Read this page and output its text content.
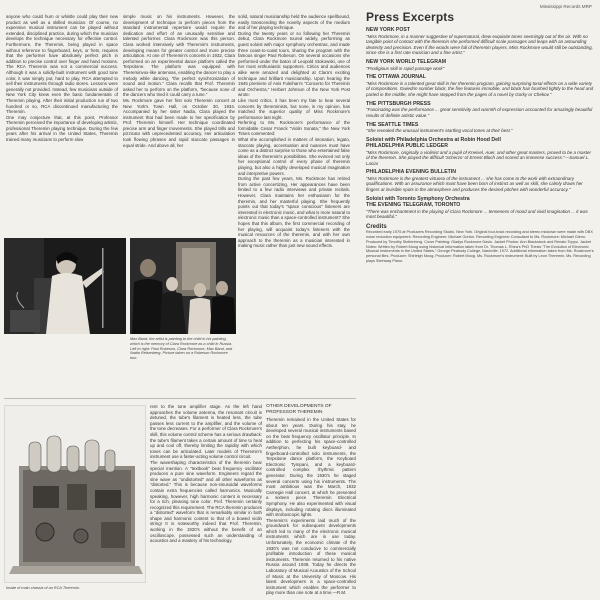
Mississippi Records MRP

anyone who could hum or whistle could play their new product as well as a skilled musician. Of course, no expensive musical instrument can be played without extended, disciplined practice, during which the musician develops the technique necessary for effective control. Furthermore, the Theremin, being played in space without reference to fingerboard, keys, or frets, requires that the performer have absolutely perfect pitch in addition to precise control over finger and hand motions. The RCA Theremin was not a commercial success. Although it was a solidly-built instrument with good tone color, it was simply put, hard to play. RCA attempted to sell their instruments through radio stores. Lessons were generally not provided. Instead, few musicians outside of New York City knew even the basic fundamentals of Theremin playing. After their initial production run of two hundred or so, RCA discontinued manufacturing the Theremin.
One may conjecture that, at this point, Professor Theremin perceived the importance of developing artistic, professional Theremin playing technique. During the few years after his arrival in the United States, Theremin trained many musicians to perform slow

simple music on his instruments. However, the development of technique to perform pieces from the standard instrumental repertoire would require the dedication and effort of an unusually sensitive and talented performer. Clara Rockmore was this person. Clara worked intensively with Theremin's instruments, developing means for greater control and more precise articulation. At one of Theremin's concerts in 1932, Clara performed on an experimental dance platform called the Terpsitone. The platform was equipped with Thereminvox-like antennas, enabling the dancer to play a melody while dancing, "the perfect synchronization of sound and motion." Clara recalls that Prof. Theremin asked her to perform on the platform, "because none of the dancers who tried it could carry a tune."
Ms. Rockmore gave her first solo Theremin concert at New York's Town Hall, on October 30, 1934. Accompanied by her sister Nadia, Clara played the instrument that had been made to her specification by Prof. Theremin himself. Her technique coordinated precise arm and finger movements. She played trills and pizzicato with unprecedented accuracy. Her articulation took flowing phrases and rapid staccato passages in equal stride. And above all, her

solid, natural musicianship held the audience spellbound, easily transcending the novelty aspects of the medium and of her playing technique.
During the twenty years or so following her Theremin debut, Clara Rockmore toured widely, performing as guest soloist with major symphony orchestras, and made three coast-to-coast tours, sharing the program with the famous singer Paul Robeson. On several occasions she performed under the baton of Leopold Stokowski, one of her most enthusiastic supporters. Critics and audiences alike were amazed and delighted at Clara's exciting technique and brilliant musicianship. Upon hearing the 1945 premiere of Anis Fuleihan's "Concerto for Theremin and Orchestra," Herbert Johnson of the New York Post wrote:
Like most critics, it has been my fate to hear several concerts by thereminists, but none, in my opinion, has matched the superior quality of Miss Rockmore's performance last night.
Referring to Ms. Rockmore's performance of the formidable Cesar Franck "Violin Sonata," the New York Times commented:
What she accomplished in matters of intonation, legato, staccato playing, accentuation and nuances must have come as a distinct surprise to those who entertained false ideas of the theremin's possibilities. She evinced not only her exceptional control of every phase of theremin playing, but also a highly developed musical imagination and interpretive powers.
During the past few years, Ms. Rockmore has retired from active concertizing. Her appearances have been limited to a few radio interviews and private recitals. However, Clara maintains her enthusiasm for the theremin, and her masterful playing. She frequently points out that today's "space conscious" listeners are interested in electronic music, and what is more natural to electronic music than a space-controlled instrument? She hopes that this album, the first commercial recording of her playing, will acquaint today's listeners with the musical resources of the theremin, and with her own approach to the theremin as a musician interested in making music rather than just new sound effects.

Max Band, the artist is painting to the child in his painting, which is the memory of Clara Rockmore as a child in Russia. Left to right: Paul Robeson, Clara Rockmore, Max Band, and Nadia Reisenberg. Picture taken on a Robeson Rockmore tour.
Inside of main chassis of an RCA Theremin.

rent to the tone amplifier stage. As the left hand approaches the volume antenna, the resonant circuit is detuned, the tube's filament is heated less, the tube passes less current to the amplifier, and the volume of the tone decreases. For a performer of Clara Rockmore's skill, this volume control scheme has a serious drawback: the tube's filament takes a certain amount of time to heat up and cool off, thereby limiting the rapidity with which tones can be articulated. Later models of Theremin's instrument use a faster-acting volume control circuit.
The waveshaping characteristics of the theremin bear special mention. A "textbook" beat frequency oscillator produces a pure sine waveform. Engineers regard the sine wave as "undistorted" and all other waveforms as "distorted." This is because non-sinusoidal waveforms contain extra frequencies called harmonics. Musically speaking, however, high harmonic content is necessary for a rich, pleasing tone color. Prof. Theremin certainly recognized this requirement. The RCA theremin produces a "distorted" waveform that is remarkably similar in both shape and harmonic content to that of a bowed violin string! It is noteworthy indeed that Prof. Theremin, working in the 1920's without the benefit of an oscilloscope, possessed such an understanding of acoustics and a mastery of his technology.

OTHER DEVELOPMENTS OF PROFESSOR THEREMIN
Theremin remained in the United States for about ten years. During his stay, he developed several musical instruments based on the beat frequency oscillator principle. In addition to perfecting his space-controlled Aetherphon, he built keyboard- and fingerboard-controlled solo instruments, the Terpsitone dance platform, the Keyboard Electronic Tympani, and a keyboard-controlled complex rhythmic pattern generator. During the 1930's he staged several concerts using his instruments. The most ambitious was the March, 1932 Carnegie Hall concert, at which he presented a sixteen piece Theremin Electrical Symphony. He also experimented with visual displays, including rotating discs illuminated with stroboscopic lights.
Theremin's experiments laid much of the groundwork for subsequent developments which led to many of the electronic musical instruments which are in use today. Unfortunately, the economic climate of the 1930's was not conducive to commercially profitable introduction of these musical instruments. Theremin returned to his native Russia around 1938. Today he directs the Laboratory of Musical Acoustics of the School of Music at the University of Moscow. His latest development is a space-controlled instrument which enables the performer to play more than one note at a time.—R.M.
Press Excerpts
NEW YORK POST
"Miss Rockmore, in a manner suggestive of supernatural, drew exquisite tones seemingly out of the air. With no tangible point of contact with the theremin she performed difficult scale passages and leaps with an astounding dexterity and precision. Even if the woods were full of theremin players, Miss Rockmore would still be outstanding, since she is a first rate musician and a fine artist."
NEW YORK WORLD TELEGRAM
"Prodigious skill in rapid passage work"
THE OTTAWA JOURNAL
"Miss Rockmore is a talented great skill in her theremin program, gaining surprising tonal effects on a wide variety of compositions. Gwiedrin somber black, the fine features immobile, and black hair brushed tightly to the head and parted in the middle, she might have stepped from the pages of a novel by Gorky or Chekov."
THE PITTSBURGH PRESS
"Fascinating was the performance ... great sensitivity and warmth of expression accounted for amazingly beautiful results of definite artistic value."
THE SEATTLE TIMES
"She revealed the unusual instrument's startling vocal tones at their best."
Soloist with Philadelphia Orchestra at Robin Hood Dell
PHILADELPHIA PUBLIC LEDGER
"Miss Rockmore, originally a violinist and a pupil of Kneisel, Auer, and other great masters, proved to be a master of the theremin. She played the difficult 'Scherzo' of Ernest Bloch and scored an immense success."—Samuel L. Laciar
PHILADELPHIA EVENING BULLETIN
"Miss Rockmore is the greatest virtuoso of the instrument ... she has come to the work with extraordinary qualifications. With an assurance which must have been born of instinct as well as skill, she calmly draws her fingers at invisible spots in the atmosphere and produces the desired pitches with wonderful accuracy."
Soloist with Toronto Symphony Orchestra
THE EVENING TELEGRAM, TORONTO
"There was enchantment in the playing of Clara Rockmore ... tenseness of mood and vivid imagination ... it was most beautiful."
Credits
Recorded early 1975 at Producers Recording Studio, New York. Original four-track recording and stereo mixdown were made with DBX noise reduction equipment. Recording Engineer: Michael Gorton. Recording Engineer Consultant to Ms. Rockmore: Michael Glenn. Produced by Timothy Stoltenberg. Cover Painting: Gladys Rockmore Davis. Jacket Photos: Ann Blackstock and Renato Toppo. Jacket Notes: Written by Robert Moog using historical information taken from Dr. Thomas L. Rhea's PhD Thesis "The Evolution of Electronic Musical Instruments in the United States," George Peabody College, Nashville, 1972. Additional information taken from Ms. Rockmore's personal files. Producer: Shirleigh Moog. Producer: Robert Moog. Ms. Rockmore's instrument: Built by Leon Theremin. Ms. Recording plays Steinway Piano.
